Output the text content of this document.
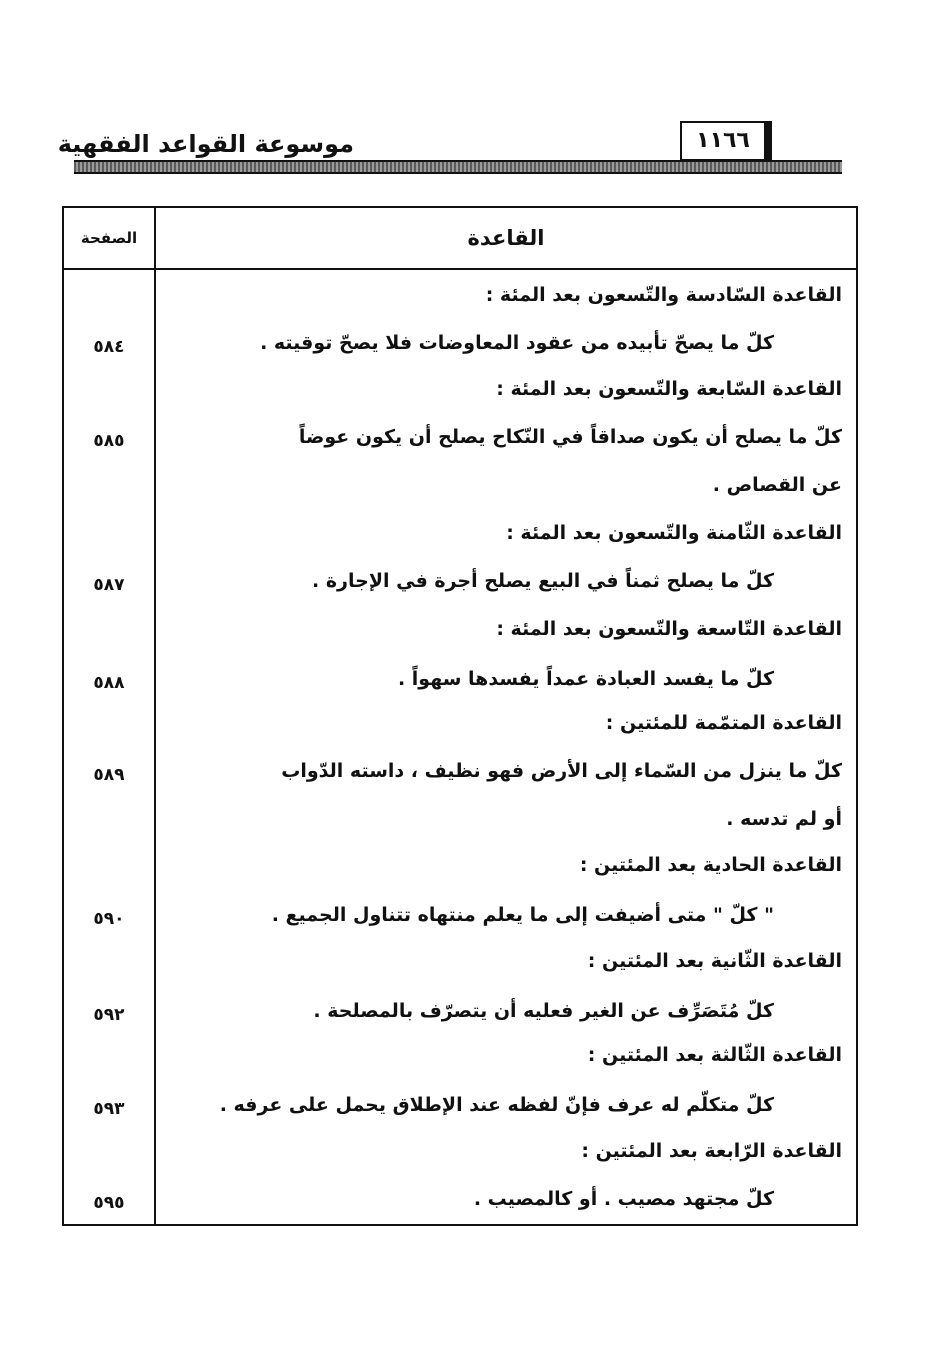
١١٦٦
موسوعة القواعد الفقهية
الصفحة	القاعدة
القاعدة السّادسة والتّسعون بعد المئة :
كلّ ما يصحّ تأبيده من عقود المعاوضات فلا يصحّ توقيته .
٥٨٤
القاعدة السّابعة والتّسعون بعد المئة :
كلّ ما يصلح أن يكون صداقاً في النّكاح يصلح أن يكون عوضاً
٥٨٥
عن القصاص .
القاعدة الثّامنة والتّسعون بعد المئة :
كلّ ما يصلح ثمناً في البيع يصلح أجرة في الإجارة .
٥٨٧
القاعدة التّاسعة والتّسعون بعد المئة :
كلّ ما يفسد العبادة عمداً يفسدها سهواً .
٥٨٨
القاعدة المتمّمة للمئتين :
كلّ ما ينزل من السّماء إلى الأرض فهو نظيف ، داسته الدّواب
٥٨٩
أو لم تدسه .
القاعدة الحادية بعد المئتين :
" كلّ " متى أضيفت إلى ما يعلم منتهاه تتناول الجميع .
٥٩٠
القاعدة الثّانية بعد المئتين :
كلّ مُتَصَرِّف عن الغير فعليه أن يتصرّف بالمصلحة .
٥٩٢
القاعدة الثّالثة بعد المئتين :
كلّ متكلّم له عرف فإنّ لفظه عند الإطلاق يحمل على عرفه .
٥٩٣
القاعدة الرّابعة بعد المئتين :
كلّ مجتهد مصيب . أو كالمصيب .
٥٩٥
